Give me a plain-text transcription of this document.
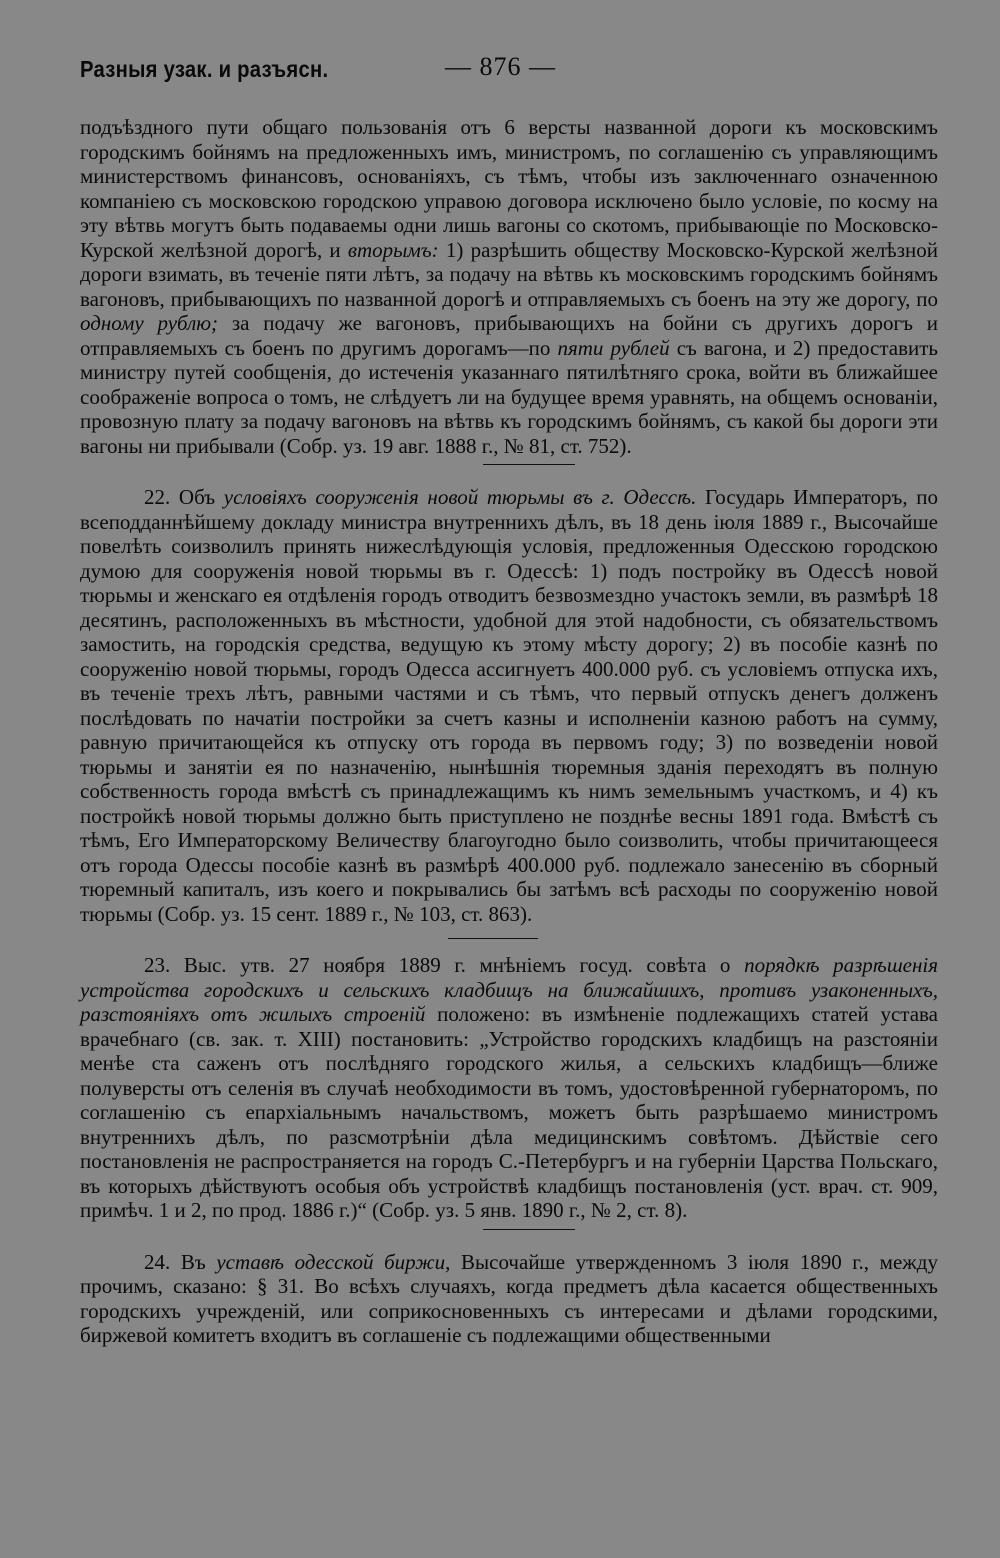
Разныя узак. и разъясн.	— 876 —

подъѣздного пути общаго пользованія отъ 6 версты названной дороги къ московскимъ городскимъ бойнямъ на предложенныхъ имъ, министромъ, по соглашенію съ управляющимъ министерствомъ финансовъ, основаніяхъ, съ тѣмъ, чтобы изъ заключеннаго означенною компаніею съ московскою городскою управою договора исключено было условіе, по косму на эту вѣтвь могутъ быть подаваемы одни лишь вагоны со скотомъ, прибывающіе по Московско-Курской желѣзной дорогѣ, и вторымъ: 1) разрѣшить обществу Московско-Курской желѣзной дороги взимать, въ теченіе пяти лѣтъ, за подачу на вѣтвь къ московскимъ городскимъ бойнямъ вагоновъ, прибывающихъ по названной дорогѣ и отправляемыхъ съ боенъ на эту же дорогу, по одному рублю; за подачу же вагоновъ, прибывающихъ на бойни съ другихъ дорогъ и отправляемыхъ съ боенъ по другимъ дорогамъ—по пяти рублей съ вагона, и 2) предоставить министру путей сообщенія, до истеченія указаннаго пятилѣтняго срока, войти въ ближайшее соображеніе вопроса о томъ, не слѣдуетъ ли на будущее время уравнять, на общемъ основаніи, провозную плату за подачу вагоновъ на вѣтвь къ городскимъ бойнямъ, съ какой бы дороги эти вагоны ни прибывали (Собр. уз. 19 авг. 1888 г., № 81, ст. 752).

22. Объ условіяхъ сооруженія новой тюрьмы въ г. Одессѣ. Государь Императоръ, по всеподданнѣйшему докладу министра внутреннихъ дѣлъ, въ 18 день іюля 1889 г., Высочайше повелѣть соизволилъ принять нижеслѣдующія условія, предложенныя Одесскою городскою думою для сооруженія новой тюрьмы въ г. Одессѣ: 1) подъ постройку въ Одессѣ новой тюрьмы и женскаго ея отдѣленія городъ отводитъ безвозмездно участокъ земли, въ размѣрѣ 18 десятинъ, расположенныхъ въ мѣстности, удобной для этой надобности, съ обязательствомъ замостить, на городскія средства, ведущую къ этому мѣсту дорогу; 2) въ пособіе казнѣ по сооруженію новой тюрьмы, городъ Одесса ассигнуетъ 400.000 руб. съ условіемъ отпуска ихъ, въ теченіе трехъ лѣтъ, равными частями и съ тѣмъ, что первый отпускъ денегъ долженъ послѣдовать по начатіи постройки за счетъ казны и исполненіи казною работъ на сумму, равную причитающейся къ отпуску отъ города въ первомъ году; 3) по возведеніи новой тюрьмы и занятіи ея по назначенію, нынѣшнія тюремныя зданія переходятъ въ полную собственность города вмѣстѣ съ принадлежащимъ къ нимъ земельнымъ участкомъ, и 4) къ постройкѣ новой тюрьмы должно быть приступлено не позднѣе весны 1891 года. Вмѣстѣ съ тѣмъ, Его Императорскому Величеству благоугодно было соизволить, чтобы причитающееся отъ города Одессы пособіе казнѣ въ размѣрѣ 400.000 руб. подлежало занесенію въ сборный тюремный капиталъ, изъ коего и покрывались бы затѣмъ всѣ расходы по сооруженію новой тюрьмы (Собр. уз. 15 сент. 1889 г., № 103, ст. 863).

23. Выс. утв. 27 ноября 1889 г. мнѣніемъ госуд. совѣта о порядкѣ разрѣшенія устройства городскихъ и сельскихъ кладбищъ на ближайшихъ, противъ узаконенныхъ, разстояніяхъ отъ жилыхъ строеній положено: въ измѣненіе подлежащихъ статей устава врачебнаго (св. зак. т. XIII) постановить: „Устройство городскихъ кладбищъ на разстояніи менѣе ста саженъ отъ послѣдняго городского жилья, а сельскихъ кладбищъ—ближе полуверсты отъ селенія въ случаѣ необходимости въ томъ, удостовѣренной губернаторомъ, по соглашенію съ епархіальнымъ начальствомъ, можетъ быть разрѣшаемо министромъ внутреннихъ дѣлъ, по разсмотрѣніи дѣла медицинскимъ совѣтомъ. Дѣйствіе сего постановленія не распространяется на городъ С.-Петербургъ и на губерніи Царства Польскаго, въ которыхъ дѣйствуютъ особыя объ устройствѣ кладбищъ постановленія (уст. врач. ст. 909, примѣч. 1 и 2, по прод. 1886 г.)“ (Собр. уз. 5 янв. 1890 г., № 2, ст. 8).

24. Въ уставѣ одесской биржи, Высочайше утвержденномъ 3 іюля 1890 г., между прочимъ, сказано: § 31. Во всѣхъ случаяхъ, когда предметъ дѣла касается общественныхъ городскихъ учрежденій, или соприкосновенныхъ съ интересами и дѣлами городскими, биржевой комитетъ входитъ въ соглашеніе съ подлежащими общественными
